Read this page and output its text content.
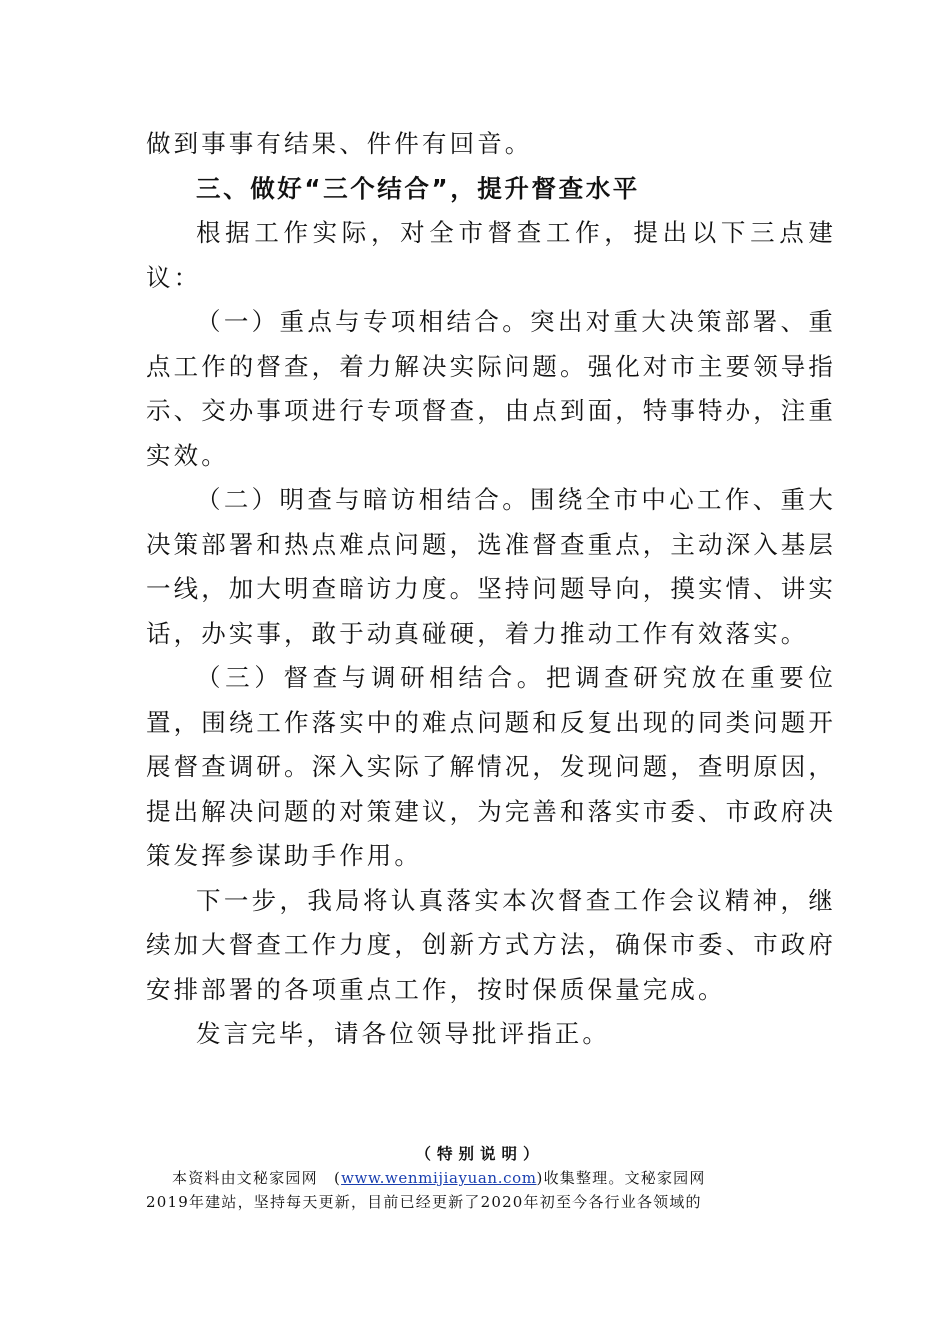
做到事事有结果、件件有回音。

三、做好“三个结合”，提升督查水平

根据工作实际，对全市督查工作，提出以下三点建议：

（一）重点与专项相结合。突出对重大决策部署、重点工作的督查，着力解决实际问题。强化对市主要领导指示、交办事项进行专项督查，由点到面，特事特办，注重实效。

（二）明查与暗访相结合。围绕全市中心工作、重大决策部署和热点难点问题，选准督查重点，主动深入基层一线，加大明查暗访力度。坚持问题导向，摸实情、讲实话，办实事，敢于动真碰硬，着力推动工作有效落实。

（三）督查与调研相结合。把调查研究放在重要位置，围绕工作落实中的难点问题和反复出现的同类问题开展督查调研。深入实际了解情况，发现问题，查明原因，提出解决问题的对策建议，为完善和落实市委、市政府决策发挥参谋助手作用。

下一步，我局将认真落实本次督查工作会议精神，继续加大督查工作力度，创新方式方法，确保市委、市政府安排部署的各项重点工作，按时保质保量完成。

发言完毕，请各位领导批评指正。

（特别说明）

本资料由文秘家园网　(www.wenmijiayuan.com)收集整理。文秘家园网

2019年建站，坚持每天更新，目前已经更新了2020年初至今各行业各领域的
